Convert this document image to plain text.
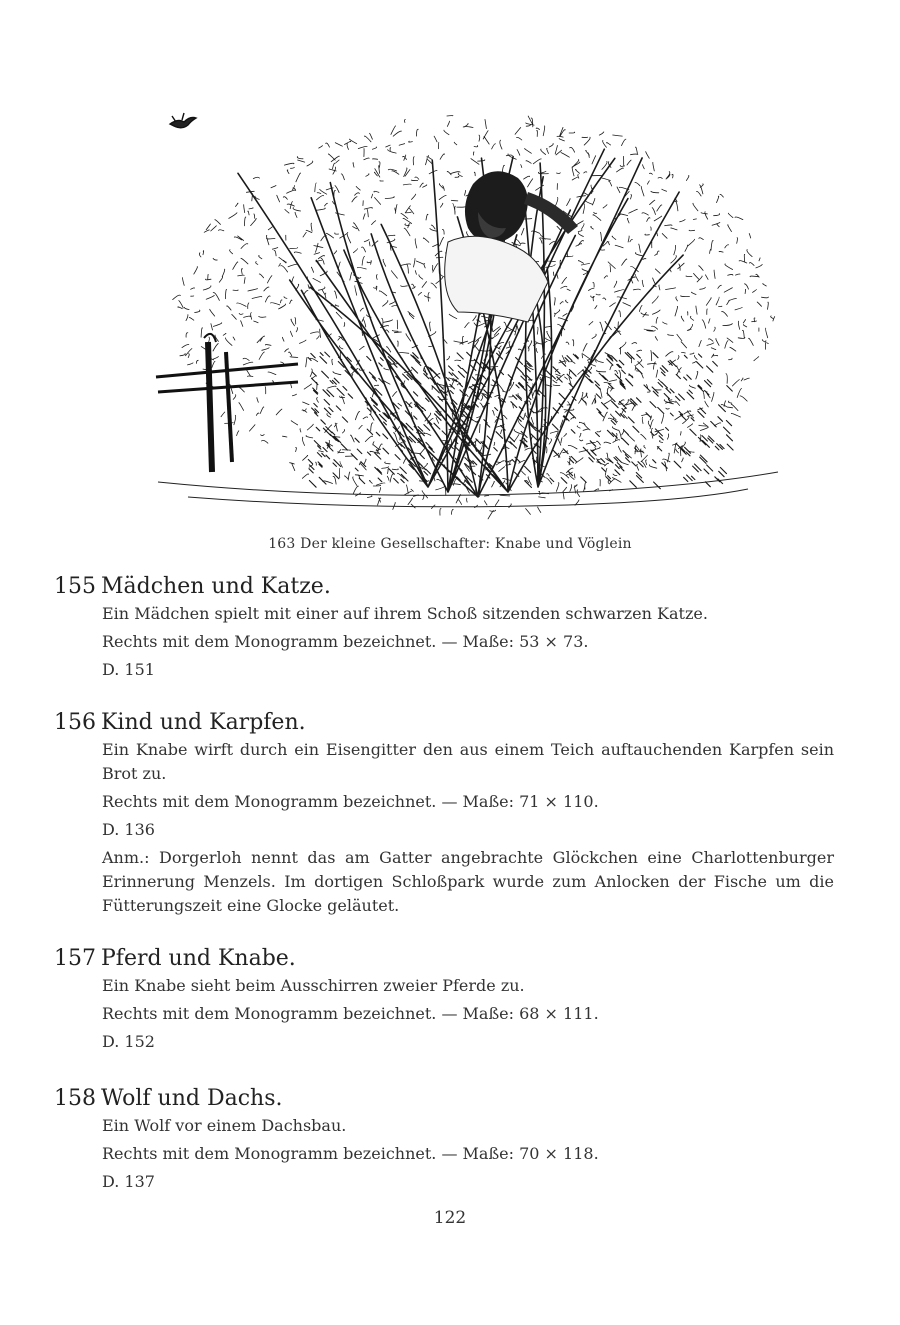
163 Der kleine Gesellschafter: Knabe und Vöglein
155 Mädchen und Katze.

Ein Mädchen spielt mit einer auf ihrem Schoß sitzenden schwarzen Katze.

Rechts mit dem Monogramm bezeichnet. — Maße: 53 × 73.

D. 151

156 Kind und Karpfen.

Ein Knabe wirft durch ein Eisengitter den aus einem Teich auftauchenden Karpfen sein Brot zu.

Rechts mit dem Monogramm bezeichnet. — Maße: 71 × 110.

D. 136

Anm.: Dorgerloh nennt das am Gatter angebrachte Glöckchen eine Charlottenburger Erinnerung Menzels. Im dortigen Schloßpark wurde zum Anlocken der Fische um die Fütterungszeit eine Glocke geläutet.

157 Pferd und Knabe.

Ein Knabe sieht beim Ausschirren zweier Pferde zu.

Rechts mit dem Monogramm bezeichnet. — Maße: 68 × 111.

D. 152

158 Wolf und Dachs.

Ein Wolf vor einem Dachsbau.

Rechts mit dem Monogramm bezeichnet. — Maße: 70 × 118.

D. 137

122
